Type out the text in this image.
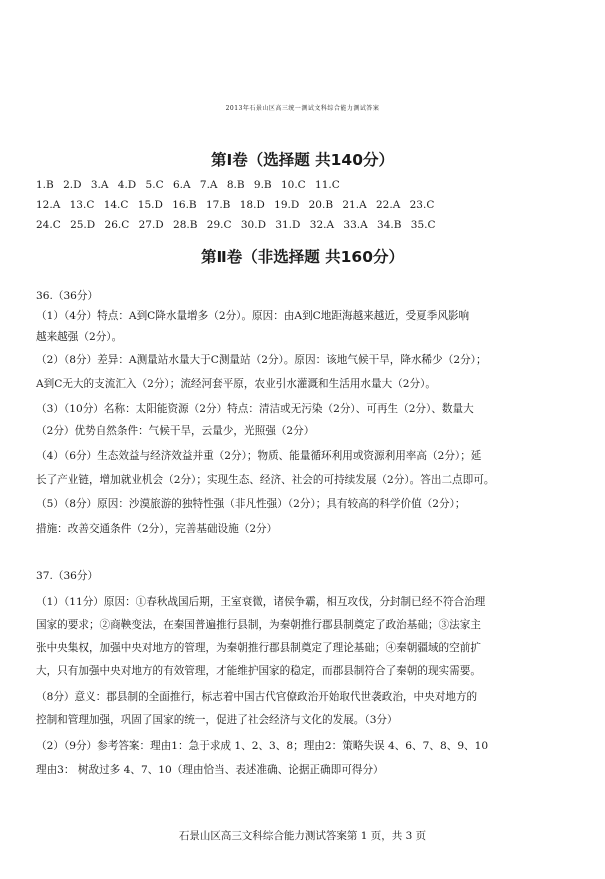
2013年石景山区高三统一测试文科综合能力测试答案
第Ⅰ卷（选择题 共140分）
1.B 2.D 3.A 4.D 5.C 6.A 7.A 8.B 9.B 10.C 11.C
12.A 13.C 14.C 15.D 16.B 17.B 18.D 19.D 20.B 21.A 22.A 23.C
24.C 25.D 26.C 27.D 28.B 29.C 30.D 31.D 32.A 33.A 34.B 35.C
第Ⅱ卷（非选择题 共160分）
36.（36分）
（1）（4分）特点：A到C降水量增多（2分）。原因：由A到C地距海越来越近，受夏季风影响
越来越强（2分）。
（2）（8分）差异：A测量站水量大于C测量站（2分）。原因：该地气候干旱，降水稀少（2分）；
A到C无大的支流汇入（2分）；流经河套平原，农业引水灌溉和生活用水量大（2分）。
（3）（10分）名称：太阳能资源（2分）特点：清洁或无污染（2分）、可再生（2分）、数量大
（2分）优势自然条件：气候干旱，云量少，光照强（2分）
（4）（6分）生态效益与经济效益并重（2分）；物质、能量循环利用或资源利用率高（2分）；延
长了产业链，增加就业机会（2分）；实现生态、经济、社会的可持续发展（2分）。答出二点即可。
（5）（8分）原因：沙漠旅游的独特性强（非凡性强）（2分）；具有较高的科学价值（2分）；
措施：改善交通条件（2分），完善基础设施（2分）
37.（36分）
（1）（11分）原因：①春秋战国后期，王室衰微，诸侯争霸，相互攻伐，分封制已经不符合治理
国家的要求；②商鞅变法，在秦国普遍推行县制，为秦朝推行郡县制奠定了政治基础；③法家主
张中央集权，加强中央对地方的管理，为秦朝推行郡县制奠定了理论基础；④秦朝疆域的空前扩
大，只有加强中央对地方的有效管理，才能维护国家的稳定，而郡县制符合了秦朝的现实需要。
（8分）意义：郡县制的全面推行，标志着中国古代官僚政治开始取代世袭政治，中央对地方的
控制和管理加强，巩固了国家的统一，促进了社会经济与文化的发展。（3分）
（2）（9分）参考答案：理由1：急于求成 1、2、3、8；理由2：策略失误 4、6、7、8、9、10
理由3： 树敌过多 4、7、10（理由恰当、表述准确、论据正确即可得分）
石景山区高三文科综合能力测试答案第 1 页，共 3 页
